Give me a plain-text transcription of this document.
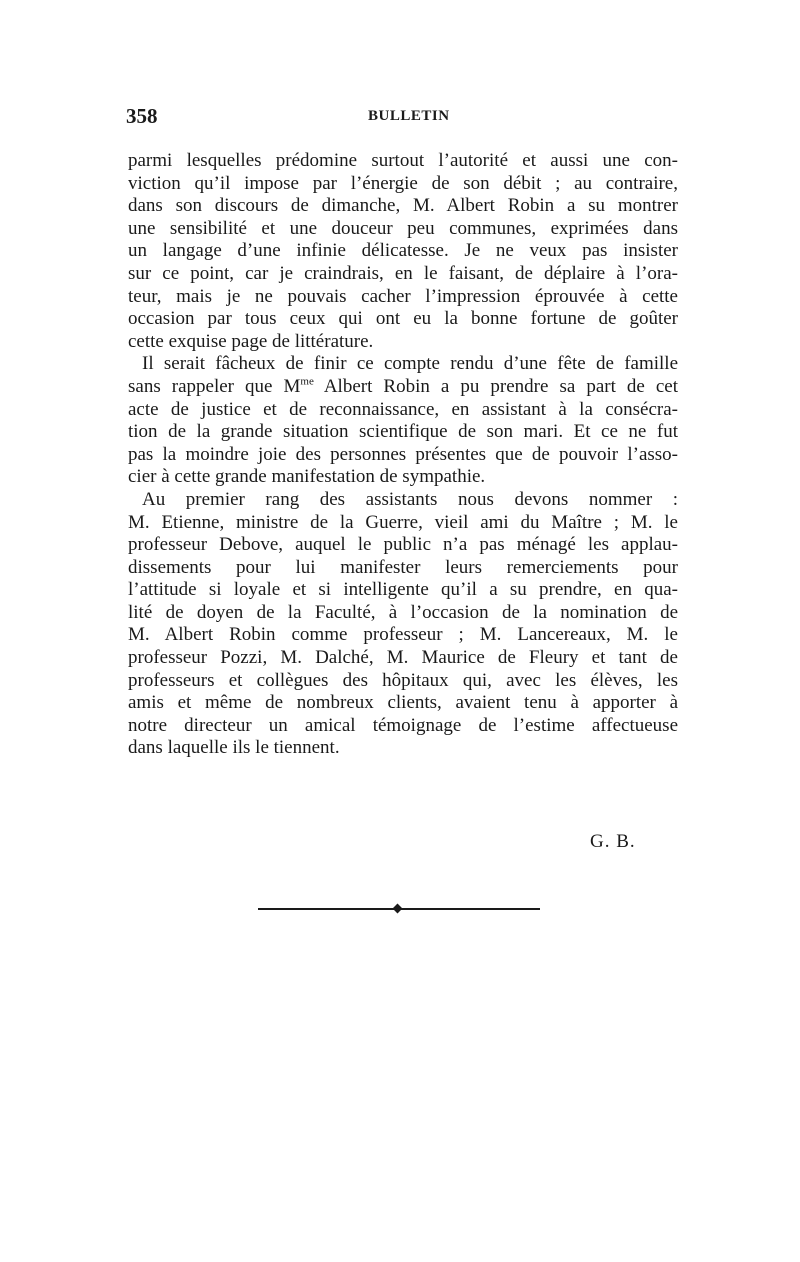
358	BULLETIN
parmi lesquelles prédomine surtout l’autorité et aussi une con-
viction qu’il impose par l’énergie de son débit ; au contraire,
dans son discours de dimanche, M. Albert Robin a su montrer
une sensibilité et une douceur peu communes, exprimées dans
un langage d’une infinie délicatesse. Je ne veux pas insister
sur ce point, car je craindrais, en le faisant, de déplaire à l’ora-
teur, mais je ne pouvais cacher l’impression éprouvée à cette
occasion par tous ceux qui ont eu la bonne fortune de goûter
cette exquise page de littérature.
Il serait fâcheux de finir ce compte rendu d’une fête de famille
sans rappeler que $M^{me}$ Albert Robin a pu prendre sa part de cet
acte de justice et de reconnaissance, en assistant à la consécra-
tion de la grande situation scientifique de son mari. Et ce ne fut
pas la moindre joie des personnes présentes que de pouvoir l’asso-
cier à cette grande manifestation de sympathie.
Au premier rang des assistants nous devons nommer :
M. Etienne, ministre de la Guerre, vieil ami du Maître ; M. le
professeur Debove, auquel le public n’a pas ménagé les applau-
dissements pour lui manifester leurs remerciements pour
l’attitude si loyale et si intelligente qu’il a su prendre, en qua-
lité de doyen de la Faculté, à l’occasion de la nomination de
M. Albert Robin comme professeur ; M. Lancereaux, M. le
professeur Pozzi, M. Dalché, M. Maurice de Fleury et tant de
professeurs et collègues des hôpitaux qui, avec les élèves, les
amis et même de nombreux clients, avaient tenu à apporter à
notre directeur un amical témoignage de l’estime affectueuse
dans laquelle ils le tiennent.
G. B.
